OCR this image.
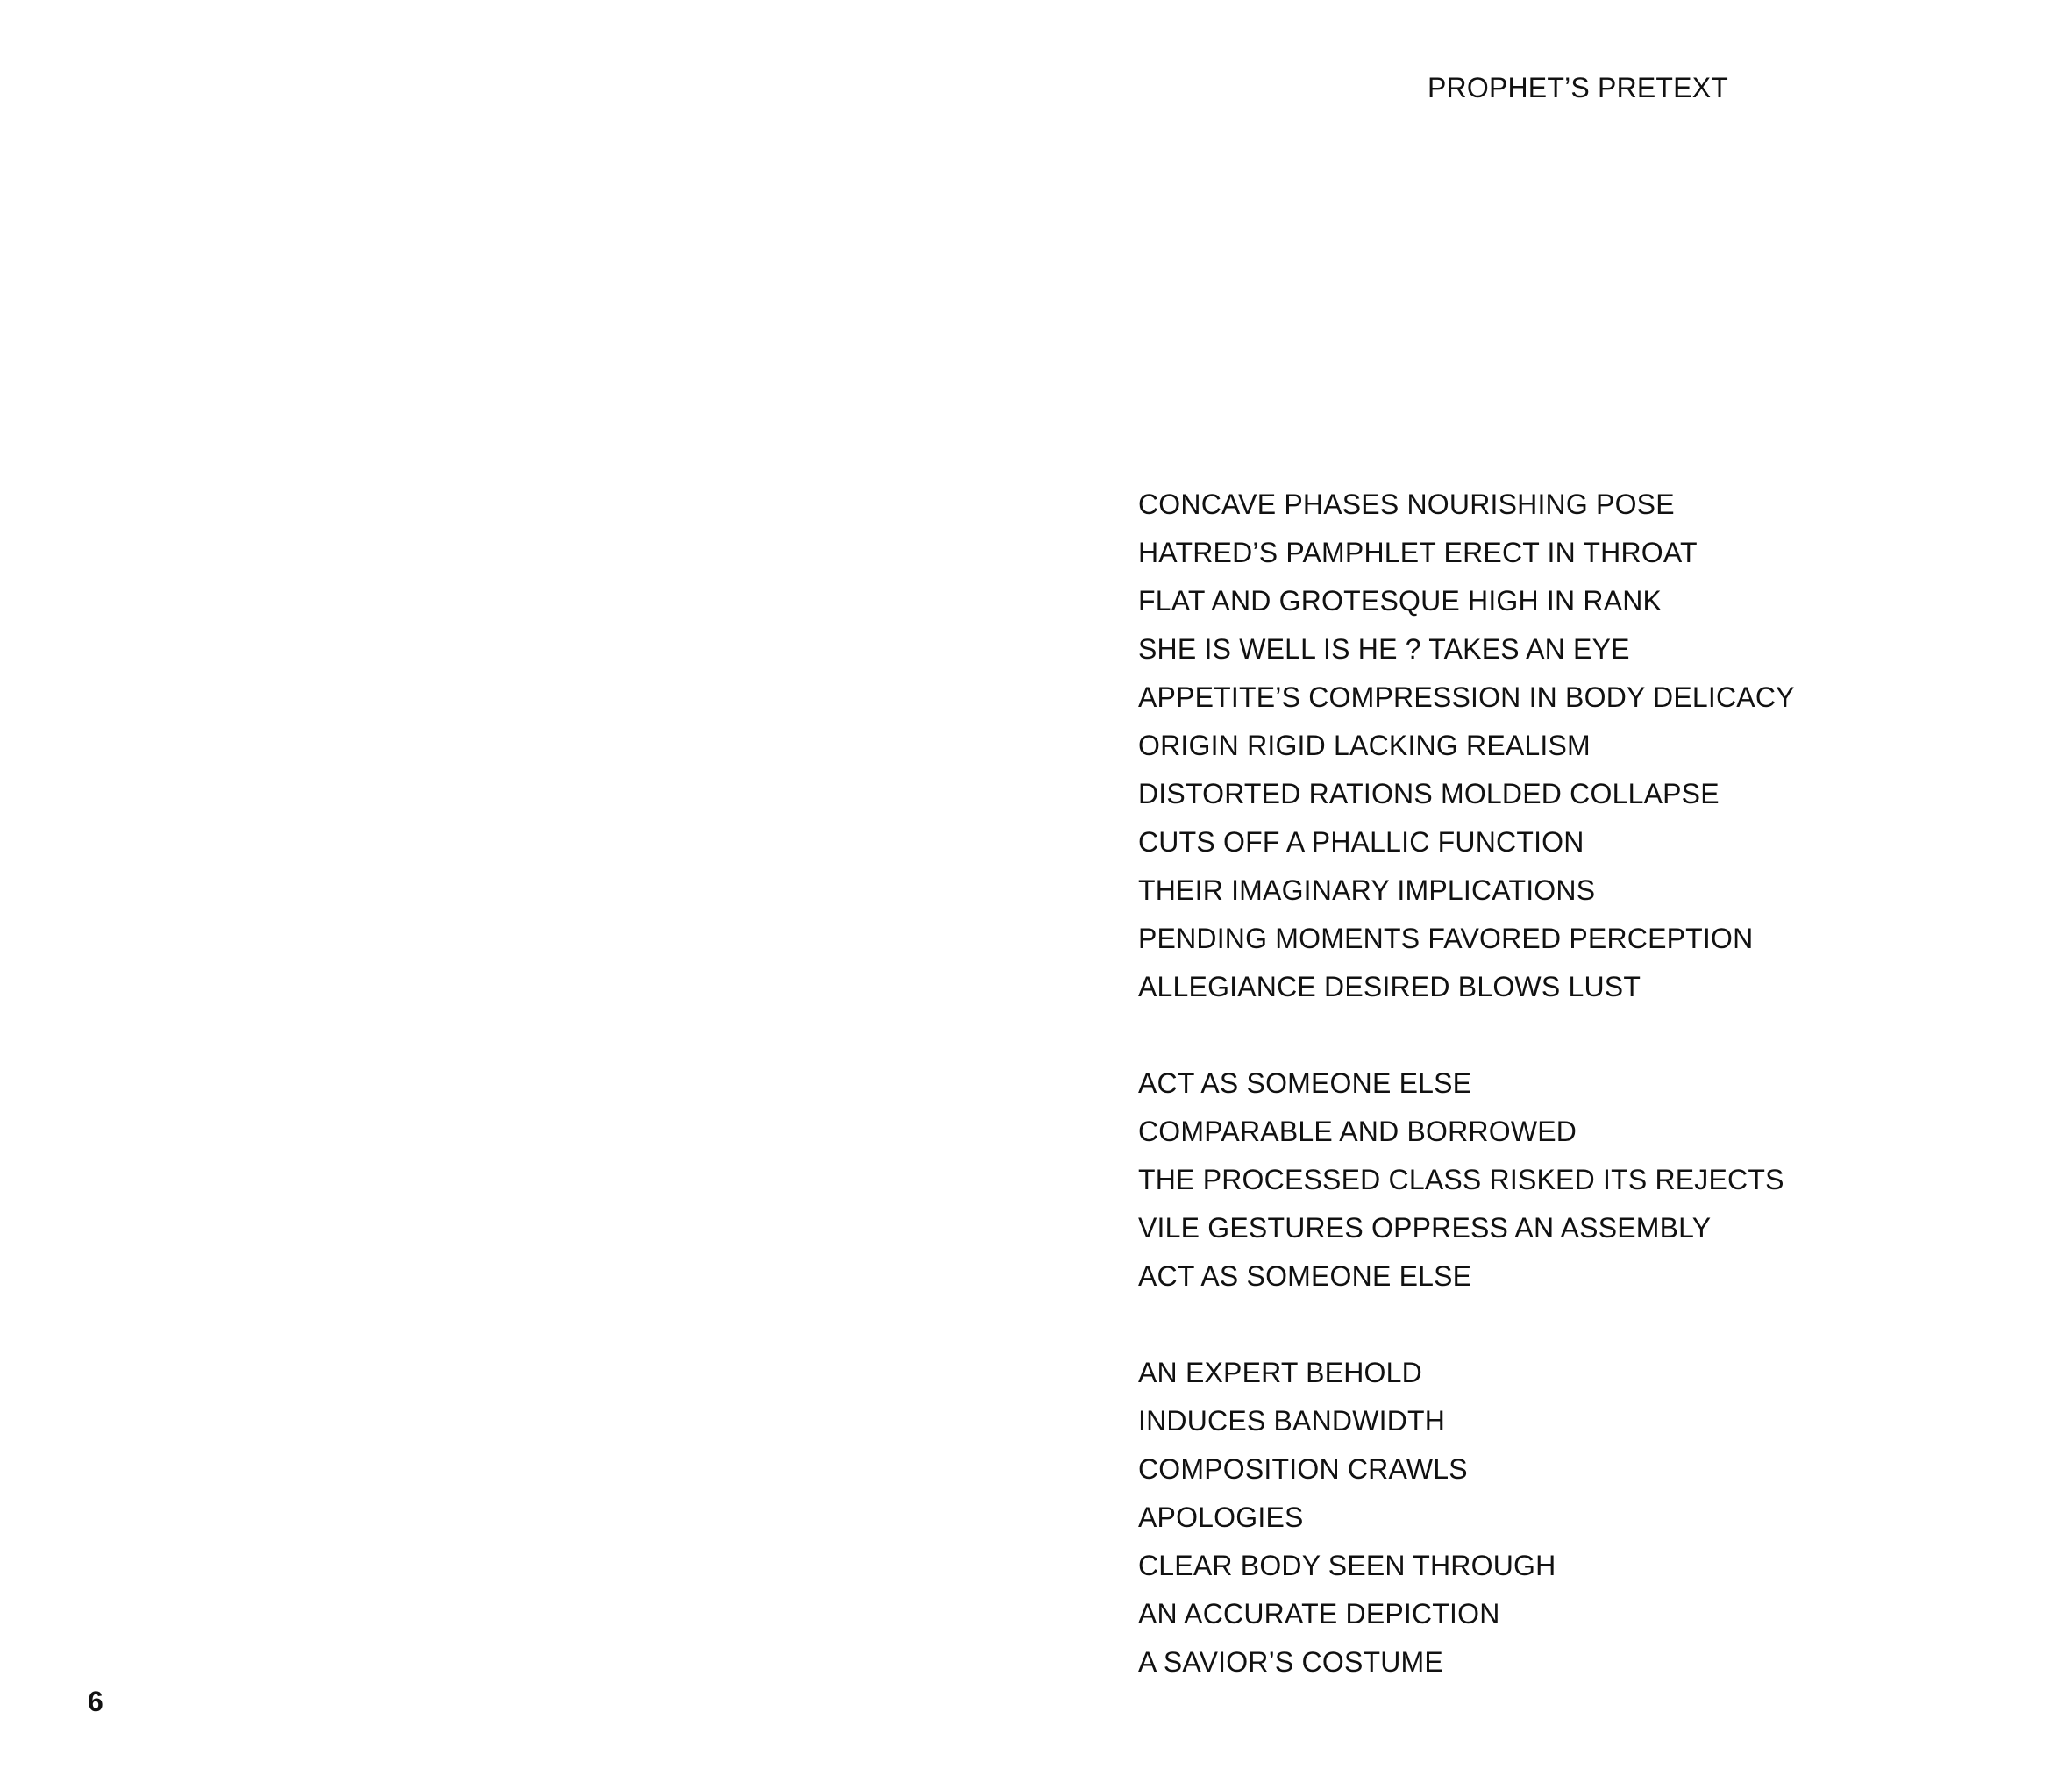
PROPHET’S PRETEXT
CONCAVE PHASES NOURISHING POSE
HATRED’S PAMPHLET ERECT IN THROAT
FLAT AND GROTESQUE HIGH IN RANK
SHE IS WELL IS HE ? TAKES AN EYE
APPETITE’S COMPRESSION IN BODY DELICACY
ORIGIN RIGID LACKING REALISM
DISTORTED RATIONS MOLDED COLLAPSE
CUTS OFF A PHALLIC FUNCTION
THEIR IMAGINARY IMPLICATIONS
PENDING MOMENTS FAVORED PERCEPTION
ALLEGIANCE DESIRED BLOWS LUST
ACT AS SOMEONE ELSE
COMPARABLE AND BORROWED
THE PROCESSED CLASS RISKED ITS REJECTS
VILE GESTURES OPPRESS AN ASSEMBLY
ACT AS SOMEONE ELSE
AN EXPERT BEHOLD
INDUCES BANDWIDTH
COMPOSITION CRAWLS
APOLOGIES
CLEAR BODY SEEN THROUGH
AN ACCURATE DEPICTION
A SAVIOR’S COSTUME
6
